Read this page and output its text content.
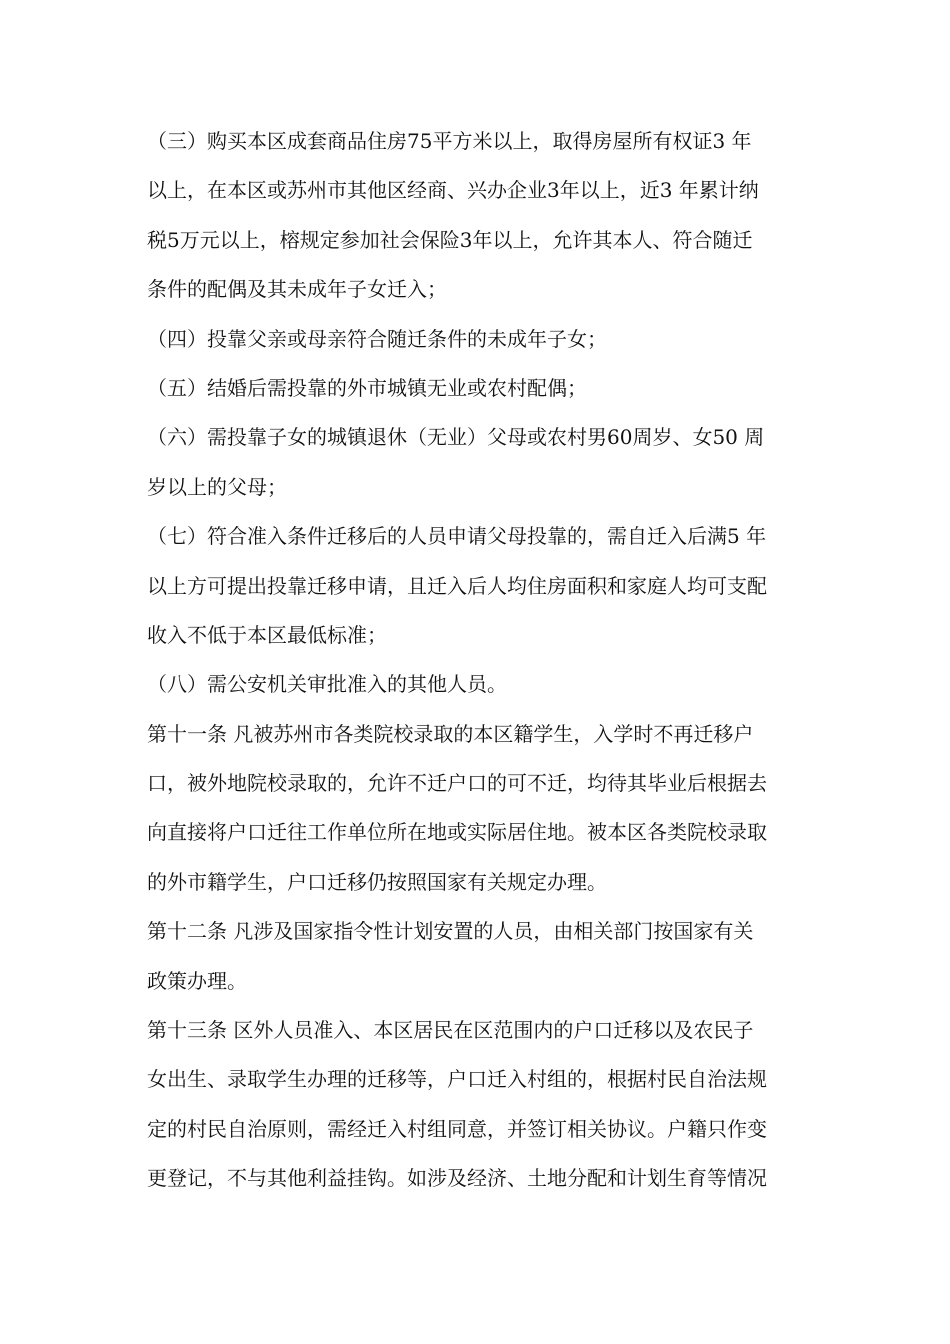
（三）购买本区成套商品住房75平方米以上，取得房屋所有权证3 年
以上，在本区或苏州市其他区经商、兴办企业3年以上，近3 年累计纳
税5万元以上，榕规定参加社会保险3年以上，允许其本人、符合随迁
条件的配偶及其未成年子女迁入；
（四）投靠父亲或母亲符合随迁条件的未成年子女；
（五）结婚后需投靠的外市城镇无业或农村配偶；
（六）需投靠子女的城镇退休（无业）父母或农村男60周岁、女50 周
岁以上的父母；
（七）符合准入条件迁移后的人员申请父母投靠的，需自迁入后满5 年
以上方可提出投靠迁移申请，且迁入后人均住房面积和家庭人均可支配
收入不低于本区最低标准；
（八）需公安机关审批准入的其他人员。
第十一条 凡被苏州市各类院校录取的本区籍学生，入学时不再迁移户
口，被外地院校录取的，允许不迁户口的可不迁，均待其毕业后根据去
向直接将户口迁往工作单位所在地或实际居住地。被本区各类院校录取
的外市籍学生，户口迁移仍按照国家有关规定办理。
第十二条 凡涉及国家指令性计划安置的人员，由相关部门按国家有关
政策办理。
第十三条 区外人员准入、本区居民在区范围内的户口迁移以及农民子
女出生、录取学生办理的迁移等，户口迁入村组的，根据村民自治法规
定的村民自治原则，需经迁入村组同意，并签订相关协议。户籍只作变
更登记，不与其他利益挂钩。如涉及经济、土地分配和计划生育等情况
